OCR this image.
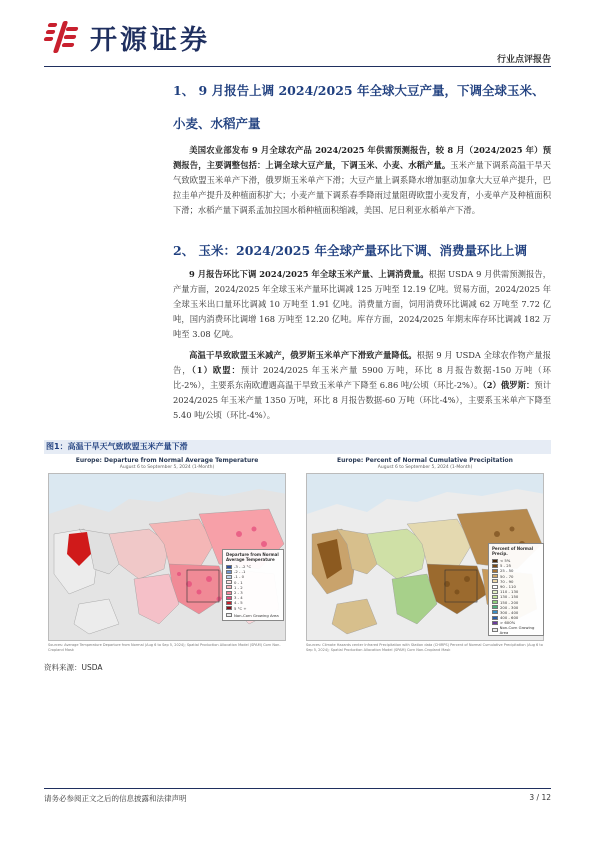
开源证券
行业点评报告
1、 9 月报告上调 2024/2025 年全球大豆产量，下调全球玉米、
小麦、水稻产量
美国农业部发布 9 月全球农产品 2024/2025 年供需预测报告，较 8 月（2024/2025 年）预测报告，主要调整包括：上调全球大豆产量，下调玉米、小麦、水稻产量。玉米产量下调系高温干旱天气致欧盟玉米单产下滑，俄罗斯玉米单产下滑；大豆产量上调系降水增加驱动加拿大大豆单产提升，巴拉圭单产提升及种植面积扩大；小麦产量下调系春季降雨过量阻碍欧盟小麦发育，小麦单产及种植面积下滑；水稻产量下调系孟加拉国水稻种植面积缩减，美国、尼日利亚水稻单产下滑。
2、 玉米：2024/2025 年全球产量环比下调、消费量环比上调
9 月报告环比下调 2024/2025 年全球玉米产量、上调消费量。根据 USDA 9 月供需预测报告，产量方面，2024/2025 年全球玉米产量环比调减 125 万吨至 12.19 亿吨。贸易方面，2024/2025 年全球玉米出口量环比调减 10 万吨至 1.91 亿吨。消费量方面，饲用消费环比调减 62 万吨至 7.72 亿吨，国内消费环比调增 168 万吨至 12.20 亿吨。库存方面，2024/2025 年期末库存环比调减 182 万吨至 3.08 亿吨。
高温干旱致欧盟玉米减产，俄罗斯玉米单产下滑致产量降低。根据 9 月 USDA 全球农作物产量报告，（1）欧盟：预计 2024/2025 年玉米产量 5900 万吨，环比 8 月报告数据-150 万吨（环比-2%），主要系东南欧遭遇高温干旱致玉米单产下降至 6.86 吨/公顷（环比-2%）。（2）俄罗斯：预计 2024/2025 年玉米产量 1350 万吨，环比 8 月报告数据-60 万吨（环比-4%），主要系玉米单产下降至 5.40 吨/公顷（环比-4%）。
图1：高温干旱天气致欧盟玉米产量下滑
Europe: Departure from Normal Average Temperature
August 6 to September 5, 2024 (1-Month)
Departure from Normal Average Temperature
-3 - -2 °C
-2 - -1
-1 - 0
0 - 1
1 - 2
2 - 3
3 - 4
4 - 5
5 °C +
Non-Corn Growing Area
Sources: Average Temperature Departure from Normal (Aug 6 to Sep 5, 2024); Spatial Production Allocation Model (SPAM) Corn Non-Cropland Mask
Europe: Percent of Normal Cumulative Precipitation
August 6 to September 5, 2024 (1-Month)
Percent of Normal Precip.
< 5%
5 - 25
25 - 50
50 - 70
70 - 90
90 - 110
110 - 130
130 - 150
150 - 200
200 - 300
300 - 400
400 - 600
> 600%
Non-Corn Growing Area
Sources: Climate Hazards center Infrared Precipitation with Station data (CHIRPS) Percent of Normal Cumulative Precipitation (Aug 6 to Sep 5, 2024); Spatial Production Allocation Model (SPAM) Corn Non-Cropland Mask
资料来源：USDA
请务必参阅正文之后的信息披露和法律声明	3 / 12
